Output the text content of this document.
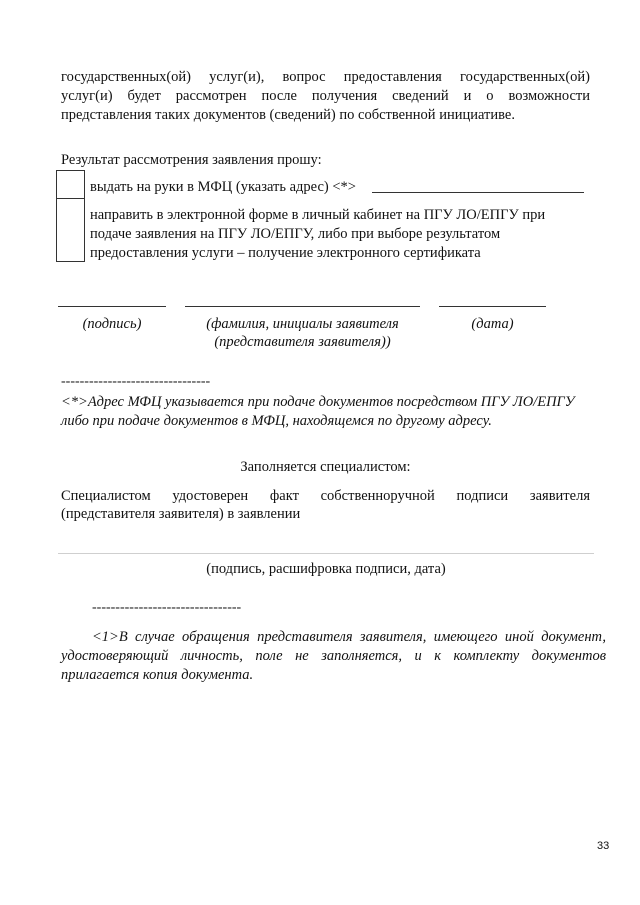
государственных(ой) услуг(и), вопрос предоставления государственных(ой)
услуг(и) будет рассмотрен после получения сведений и о возможности
представления таких документов (сведений) по собственной инициативе.
Результат рассмотрения заявления прошу:
выдать на руки в МФЦ (указать адрес) <*>
направить в электронной форме в личный кабинет на ПГУ ЛО/ЕПГУ при
подаче заявления на ПГУ ЛО/ЕПГУ, либо при выборе результатом
предоставления услуги – получение электронного сертификата
(подпись)	(фамилия, инициалы заявителя
(представителя заявителя))
(дата)
--------------------------------
<*>Адрес МФЦ указывается при подаче документов посредством ПГУ ЛО/ЕПГУ
либо при подаче документов в МФЦ, находящемся по другому адресу.
Заполняется специалистом:
Специалистом удостоверен факт собственноручной подписи заявителя
(представителя заявителя) в заявлении
(подпись, расшифровка подписи, дата)
--------------------------------
<1>В случае обращения представителя заявителя, имеющего иной документ,
удостоверяющий личность, поле не заполняется, и к комплекту документов
прилагается копия документа.
33
